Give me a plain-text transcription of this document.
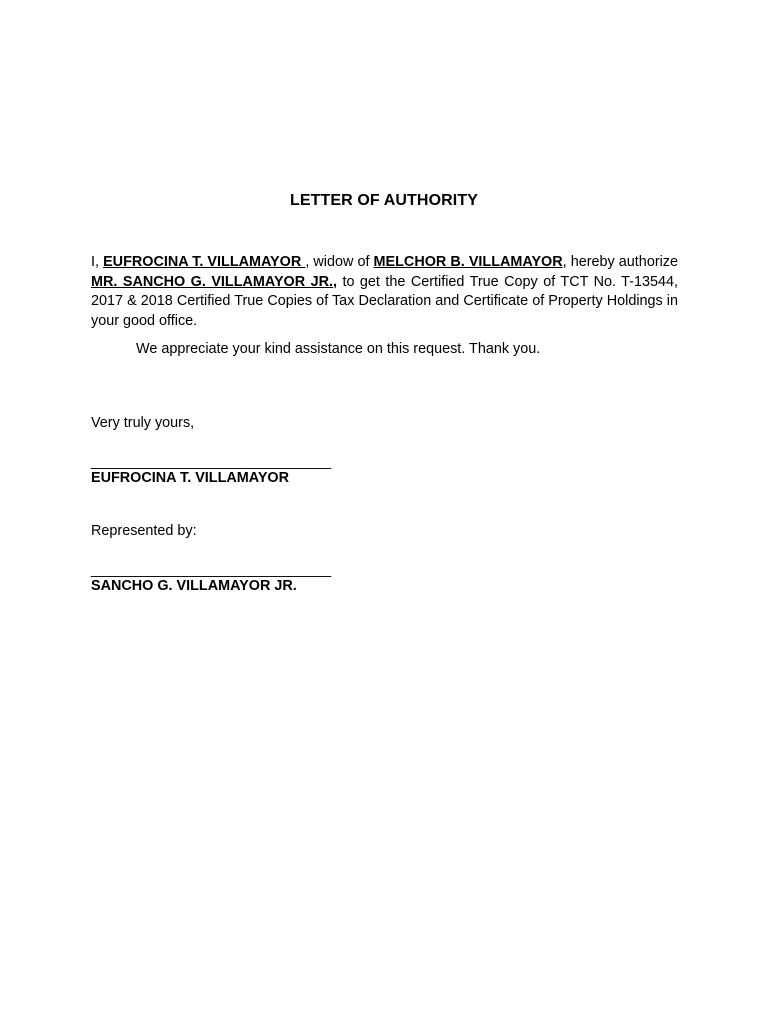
LETTER OF AUTHORITY
I, EUFROCINA T. VILLAMAYOR , widow of MELCHOR B. VILLAMAYOR, hereby authorize MR. SANCHO G. VILLAMAYOR JR., to get the Certified True Copy of TCT No. T-13544, 2017 & 2018 Certified True Copies of Tax Declaration and Certificate of Property Holdings in your good office.
We appreciate your kind assistance on this request. Thank you.
Very truly yours,
______________________________
EUFROCINA T. VILLAMAYOR
Represented by:
______________________________
SANCHO G. VILLAMAYOR JR.
